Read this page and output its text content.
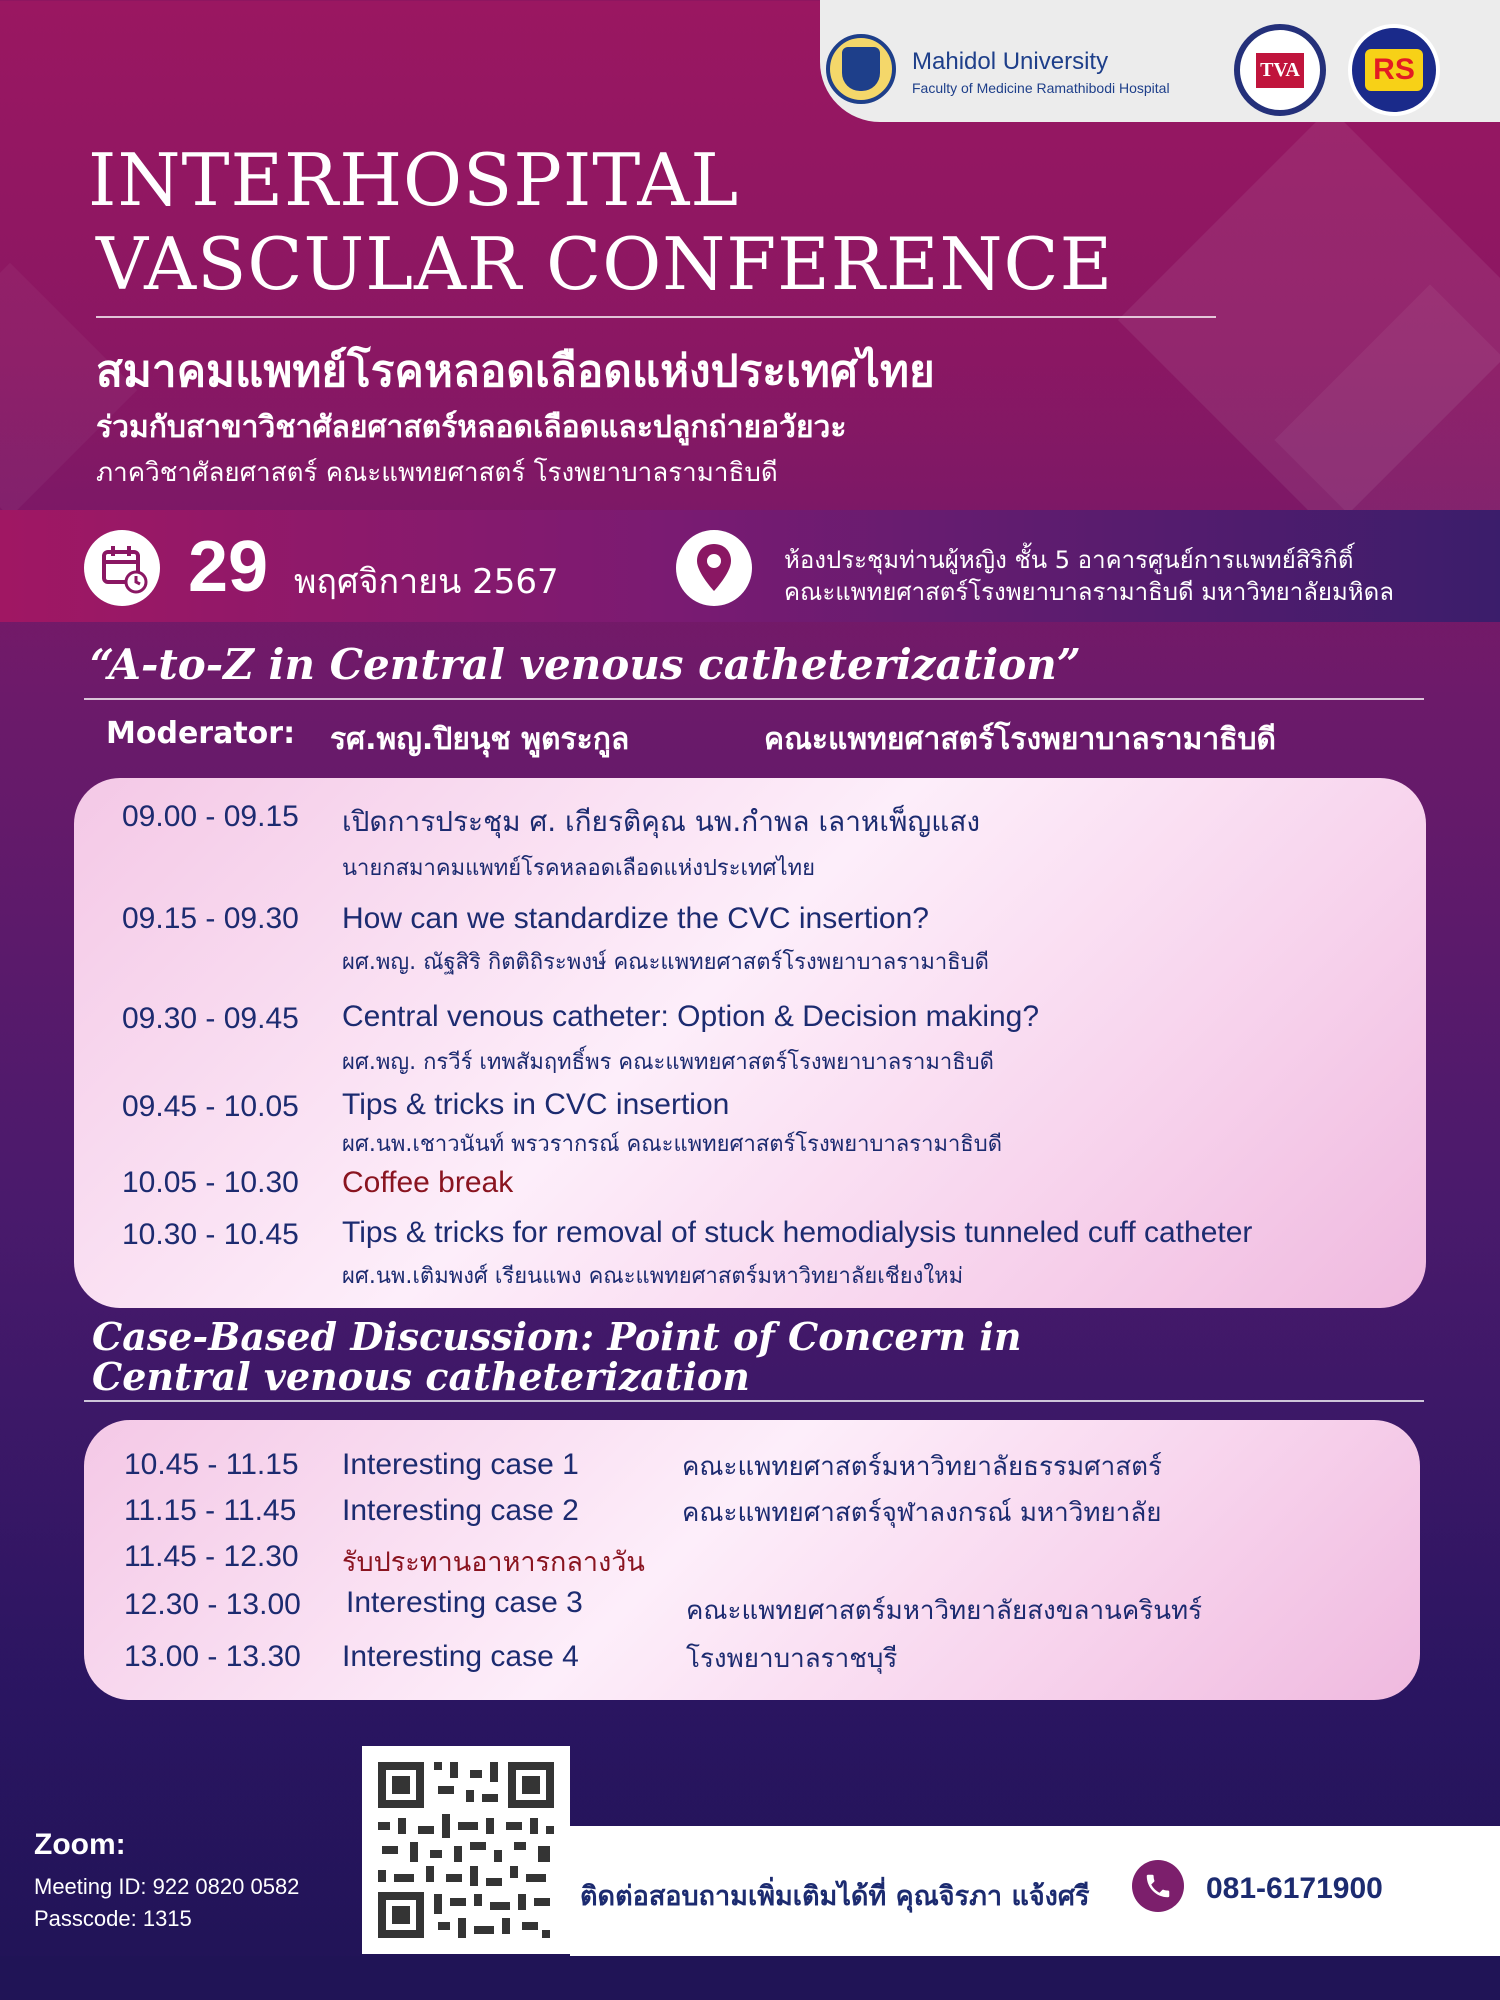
Mahidol University
Faculty of Medicine Ramathibodi Hospital
TVA RS
INTERHOSPITAL
VASCULAR CONFERENCE
สมาคมแพทย์โรคหลอดเลือดแห่งประเทศไทย
ร่วมกับสาขาวิชาศัลยศาสตร์หลอดเลือดและปลูกถ่ายอวัยวะ
ภาควิชาศัลยศาสตร์ คณะแพทยศาสตร์ โรงพยาบาลรามาธิบดี
29 พฤศจิกายน 2567
ห้องประชุมท่านผู้หญิง ชั้น 5 อาคารศูนย์การแพทย์สิริกิติ์
คณะแพทยศาสตร์โรงพยาบาลรามาธิบดี มหาวิทยาลัยมหิดล
“A-to-Z in Central venous catheterization”
Moderator: รศ.พญ.ปิยนุช พูตระกูล	คณะแพทยศาสตร์โรงพยาบาลรามาธิบดี
09.00 - 09.15 เปิดการประชุม ศ. เกียรติคุณ นพ.กำพล เลาหเพ็ญแสง
นายกสมาคมแพทย์โรคหลอดเลือดแห่งประเทศไทย
09.15 - 09.30 How can we standardize the CVC insertion?
ผศ.พญ. ณัฐสิริ กิตติถิระพงษ์ คณะแพทยศาสตร์โรงพยาบาลรามาธิบดี
09.30 - 09.45 Central venous catheter: Option & Decision making?
ผศ.พญ. กรวีร์ เทพสัมฤทธิ์พร คณะแพทยศาสตร์โรงพยาบาลรามาธิบดี
09.45 - 10.05 Tips & tricks in CVC insertion
ผศ.นพ.เชาวนันท์ พรวรากรณ์ คณะแพทยศาสตร์โรงพยาบาลรามาธิบดี
10.05 - 10.30 Coffee break
10.30 - 10.45 Tips & tricks for removal of stuck hemodialysis tunneled cuff catheter
ผศ.นพ.เติมพงศ์ เรียนแพง คณะแพทยศาสตร์มหาวิทยาลัยเชียงใหม่
Case-Based Discussion: Point of Concern in
Central venous catheterization
10.45 - 11.15 Interesting case 1	คณะแพทยศาสตร์มหาวิทยาลัยธรรมศาสตร์
11.15 - 11.45 Interesting case 2	คณะแพทยศาสตร์จุฬาลงกรณ์ มหาวิทยาลัย
11.45 - 12.30 รับประทานอาหารกลางวัน
12.30 - 13.00 Interesting case 3	คณะแพทยศาสตร์มหาวิทยาลัยสงขลานครินทร์
13.00 - 13.30 Interesting case 4	โรงพยาบาลราชบุรี
Zoom:
Meeting ID: 922 0820 0582
Passcode: 1315
ติดต่อสอบถามเพิ่มเติมได้ที่ คุณจิรภา แจ้งศรี	081-6171900
